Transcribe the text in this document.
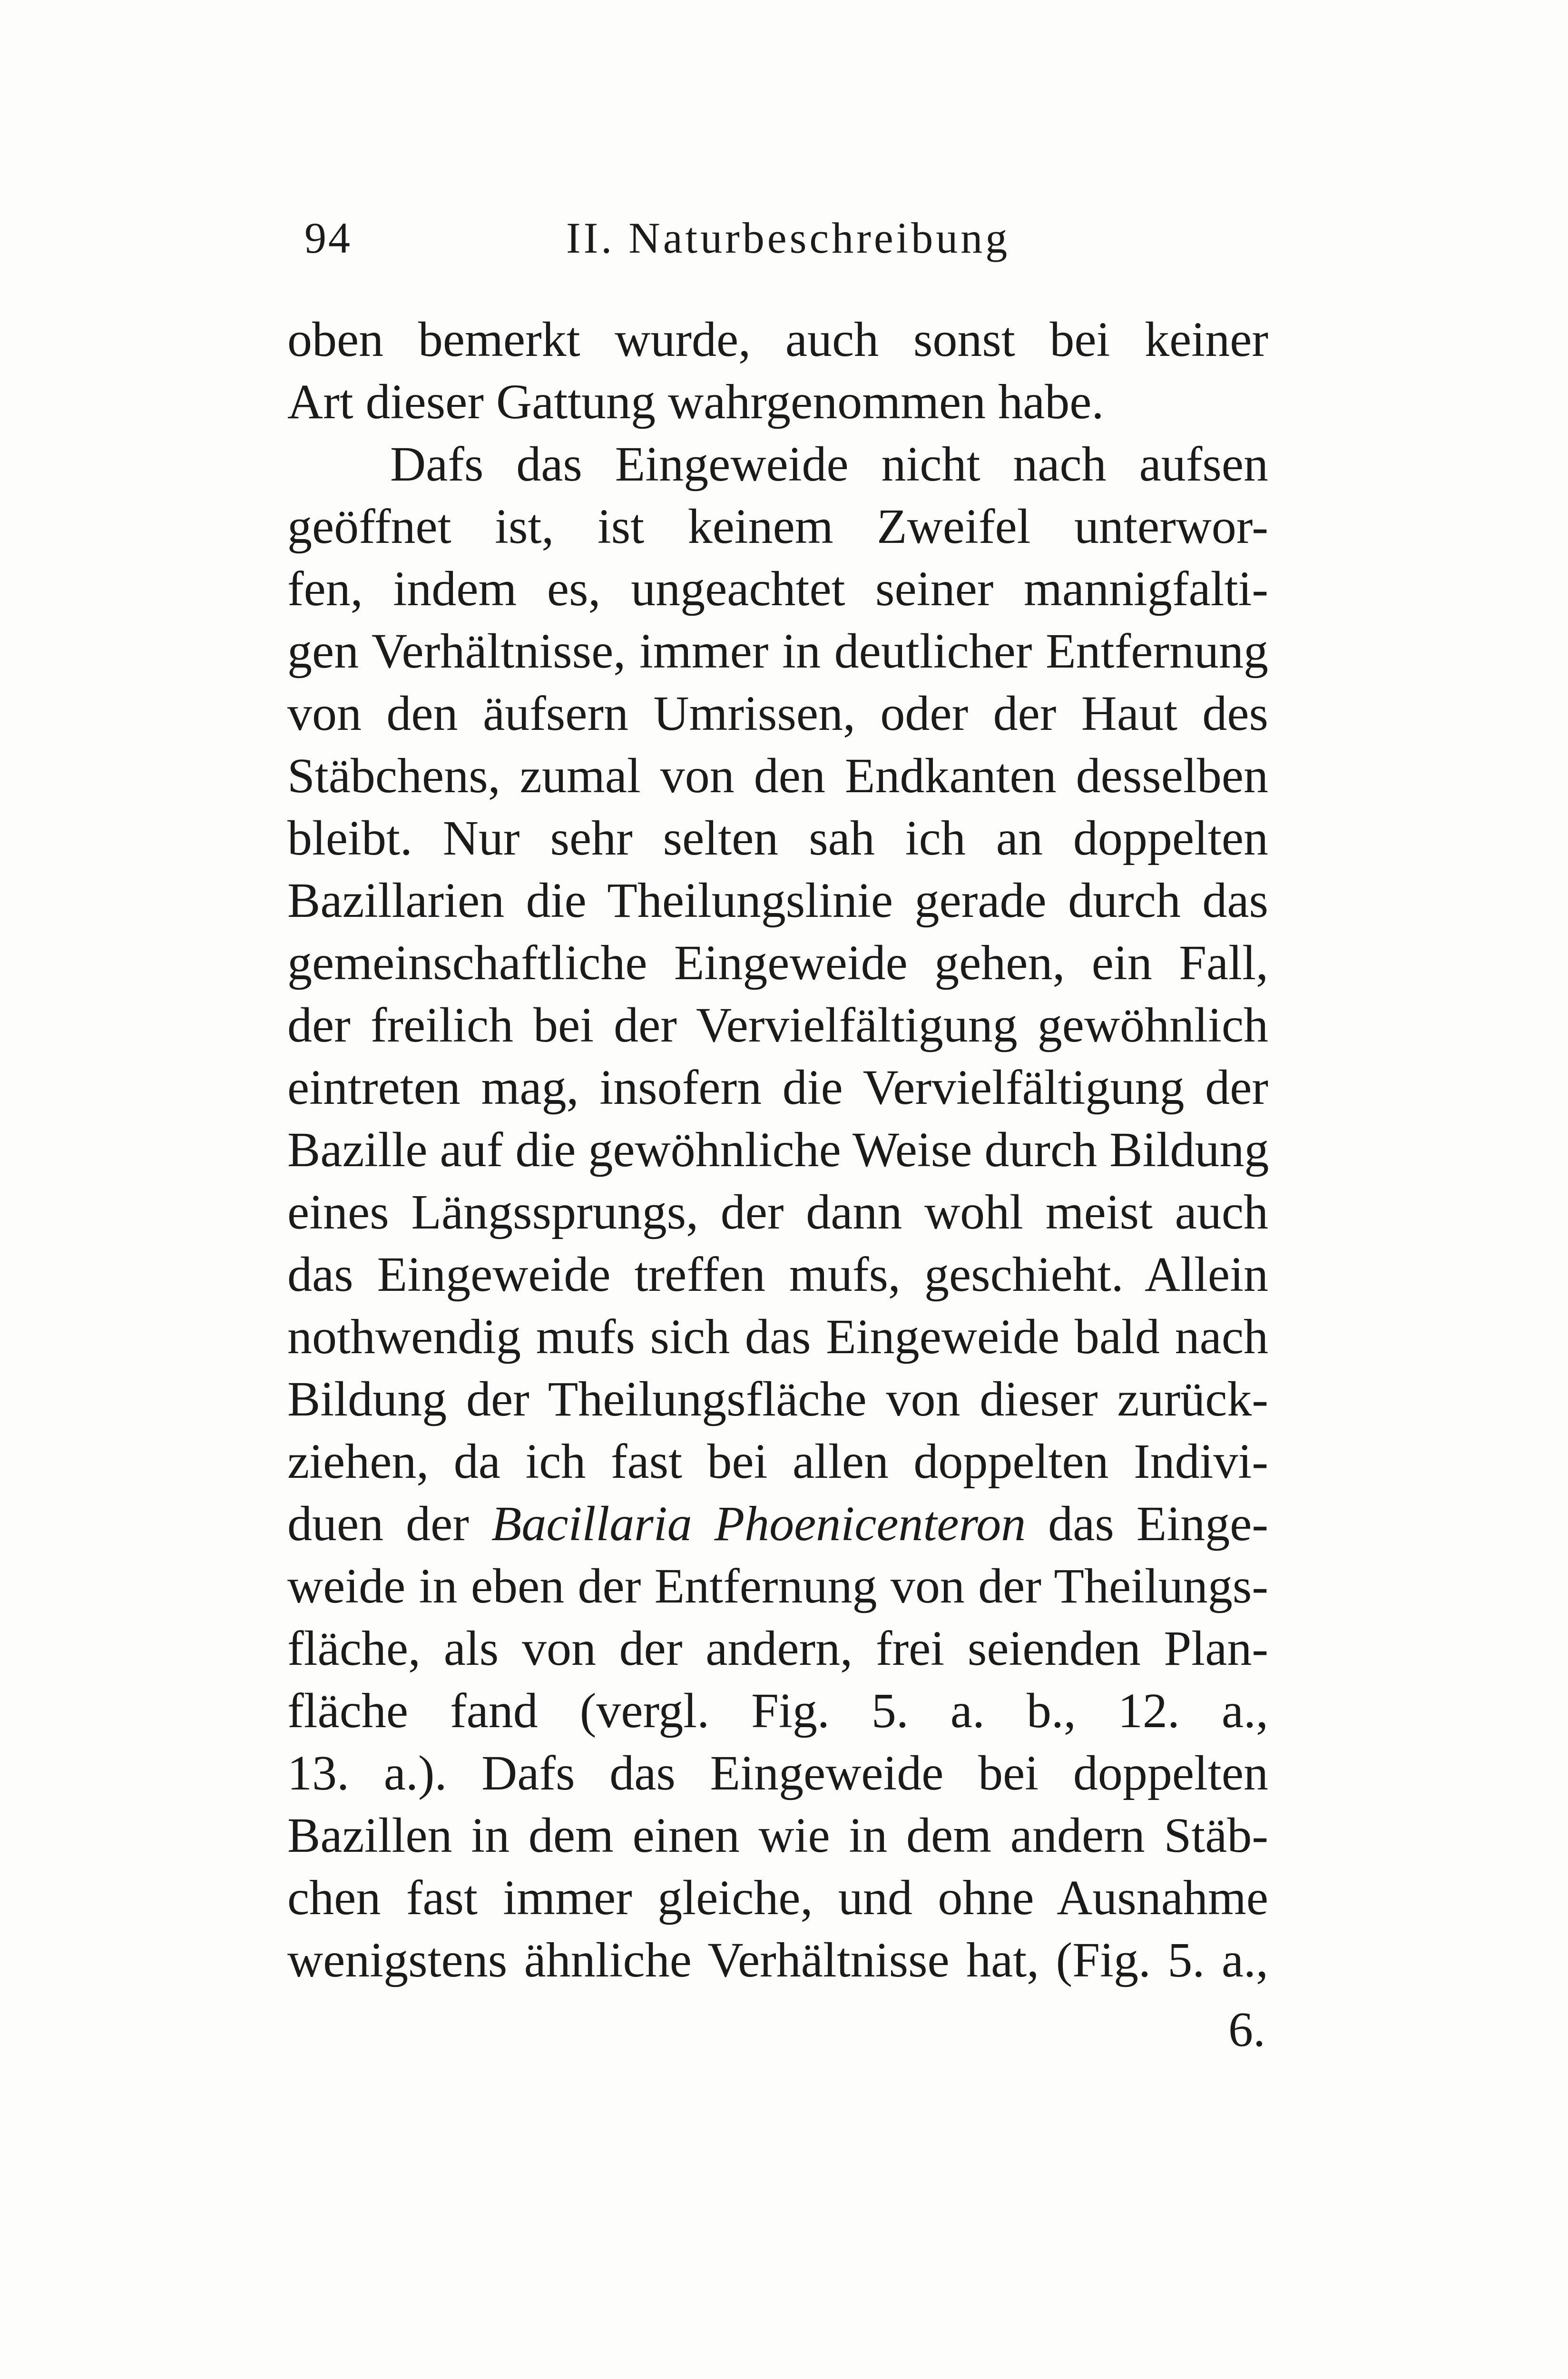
94	II. Naturbeschreibung
oben bemerkt wurde, auch sonst bei keiner
Art dieser Gattung wahrgenommen habe.
Dafs das Eingeweide nicht nach aufsen
geöffnet ist, ist keinem Zweifel unterwor-
fen, indem es, ungeachtet seiner mannigfalti-
gen Verhältnisse, immer in deutlicher Entfernung
von den äufsern Umrissen, oder der Haut des
Stäbchens, zumal von den Endkanten desselben
bleibt. Nur sehr selten sah ich an doppelten
Bazillarien die Theilungslinie gerade durch das
gemeinschaftliche Eingeweide gehen, ein Fall,
der freilich bei der Vervielfältigung gewöhnlich
eintreten mag, insofern die Vervielfältigung der
Bazille auf die gewöhnliche Weise durch Bildung
eines Längssprungs, der dann wohl meist auch
das Eingeweide treffen mufs, geschieht. Allein
nothwendig mufs sich das Eingeweide bald nach
Bildung der Theilungsfläche von dieser zurück-
ziehen, da ich fast bei allen doppelten Indivi-
duen der Bacillaria Phoenicenteron das Einge-
weide in eben der Entfernung von der Theilungs-
fläche, als von der andern, frei seienden Plan-
fläche fand (vergl. Fig. 5. a. b., 12. a.,
13. a.). Dafs das Eingeweide bei doppelten
Bazillen in dem einen wie in dem andern Stäb-
chen fast immer gleiche, und ohne Ausnahme
wenigstens ähnliche Verhältnisse hat, (Fig. 5. a.,
6.
